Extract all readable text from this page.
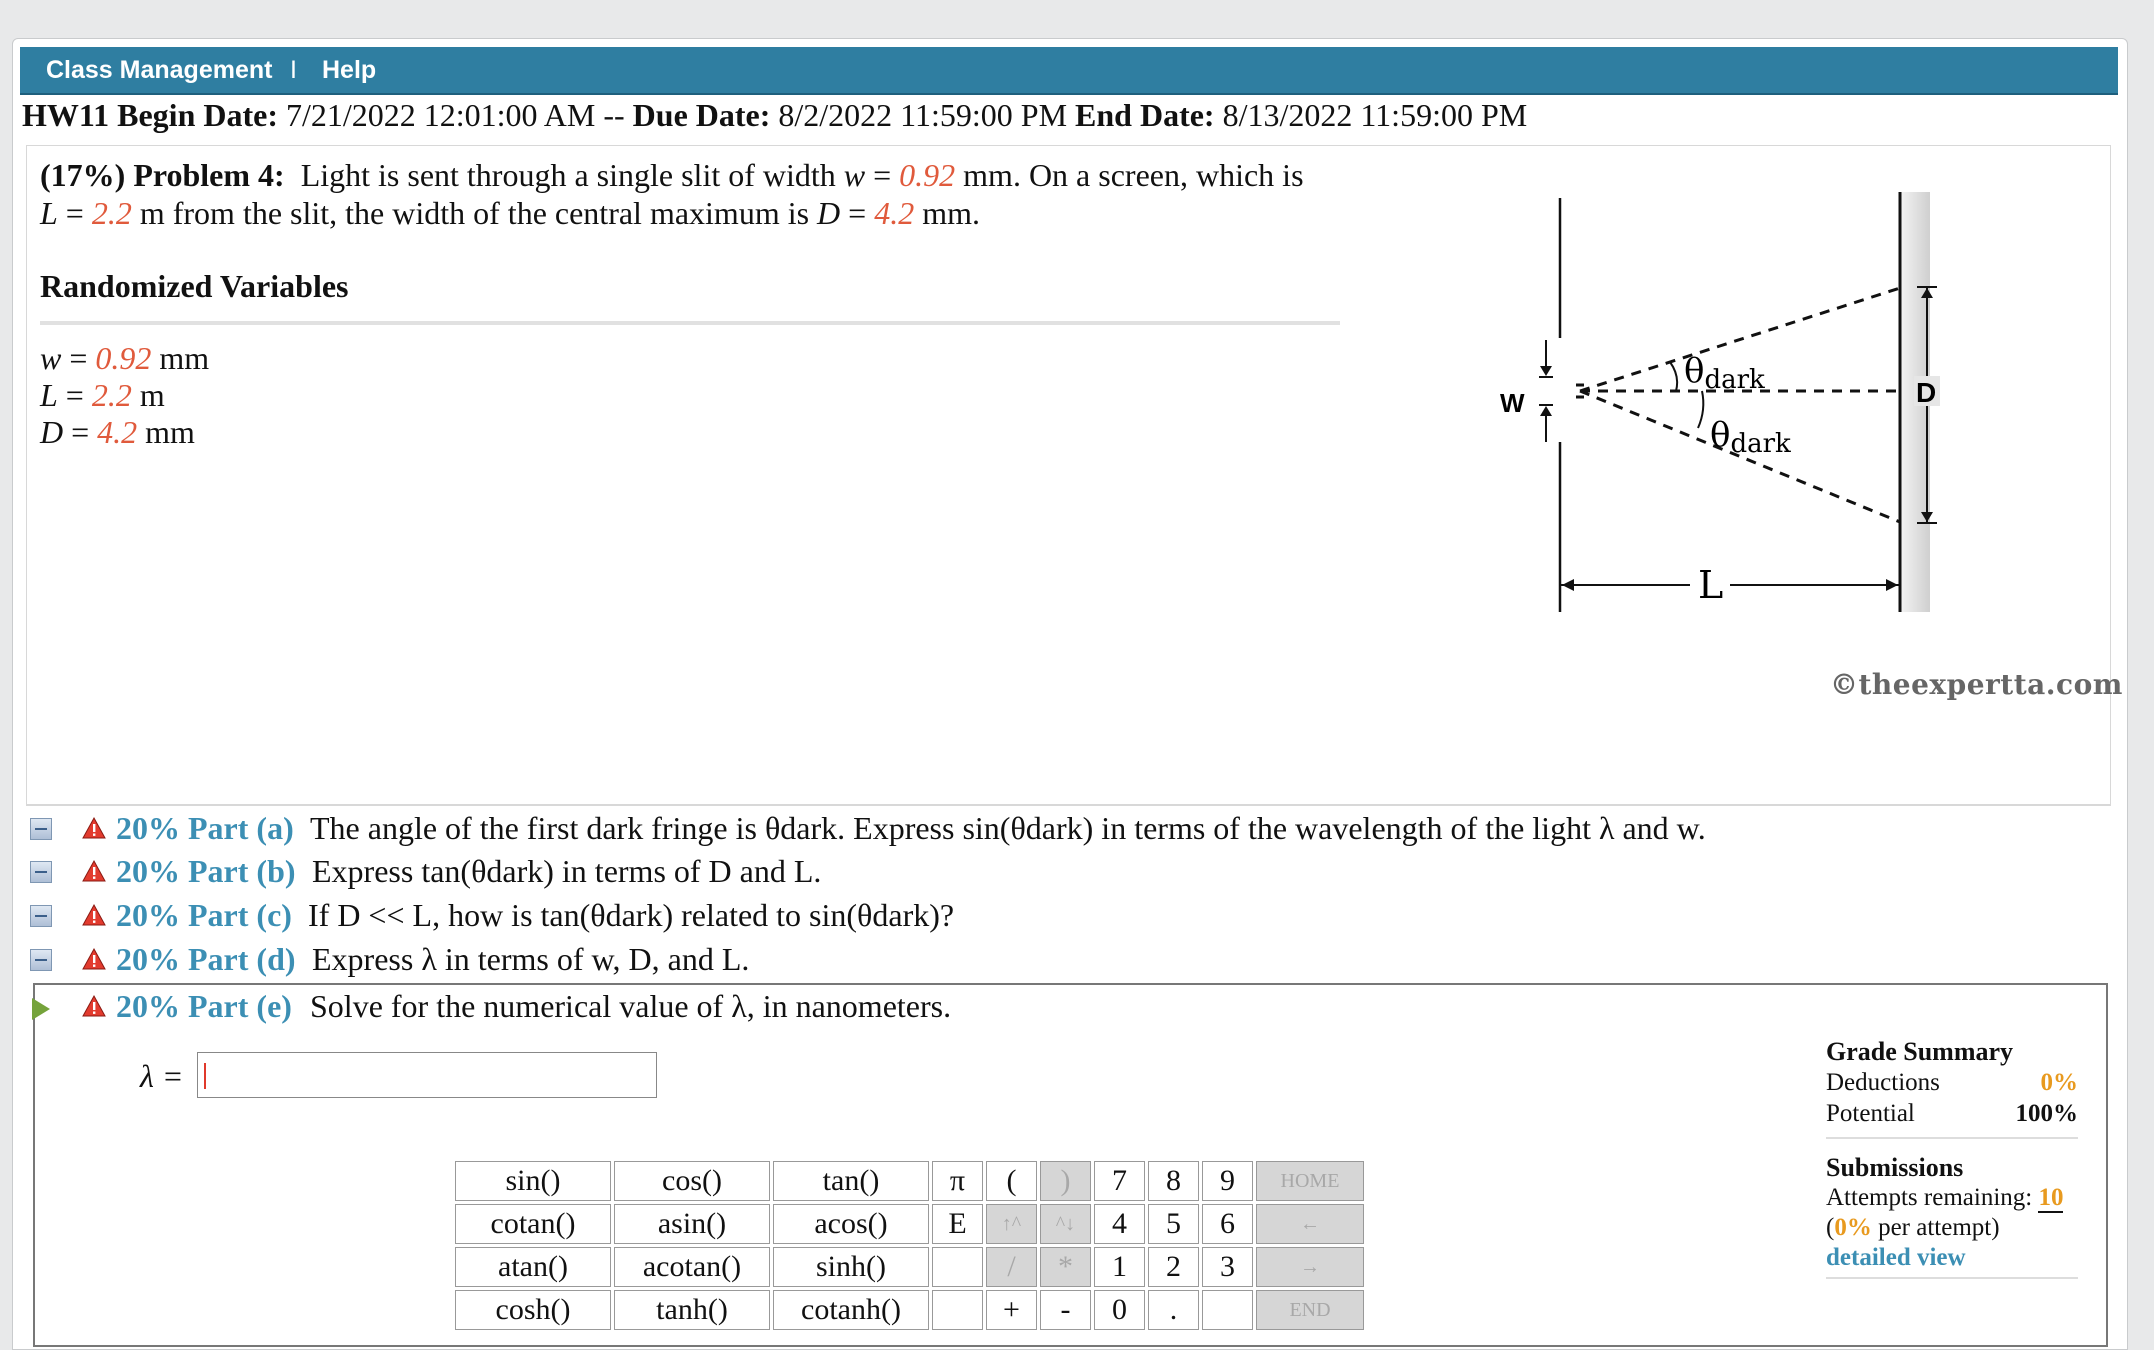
Class Management I Help
HW11 Begin Date: 7/21/2022 12:01:00 AM -- Due Date: 8/2/2022 11:59:00 PM End Date: 8/13/2022 11:59:00 PM
(17%) Problem 4: Light is sent through a single slit of width w = 0.92 mm. On a screen, which is
L = 2.2 m from the slit, the width of the central maximum is D = 4.2 mm.
Randomized Variables
w = 0.92 mm
L = 2.2 m
D = 4.2 mm
W
θdark
θdark
D
L
©theexpertta.com
20% Part (a) The angle of the first dark fringe is θdark. Express sin(θdark) in terms of the wavelength of the light λ and w.
20% Part (b) Express tan(θdark) in terms of D and L.
20% Part (c) If D << L, how is tan(θdark) related to sin(θdark)?
20% Part (d) Express λ in terms of w, D, and L.
20% Part (e) Solve for the numerical value of λ, in nanometers.
λ =
sin()	cos()	tan()	π	(	)	7	8	9	HOME
cotan()	asin()	acos()	E	↑^	^↓	4	5	6	←
atan()	acotan()	sinh()		/	*	1	2	3	→
cosh()	tanh()	cotanh()		+	-	0	.		END
Grade Summary
Deductions	0%
Potential	100%
Submissions
Attempts remaining: 10
(0% per attempt)
detailed view
